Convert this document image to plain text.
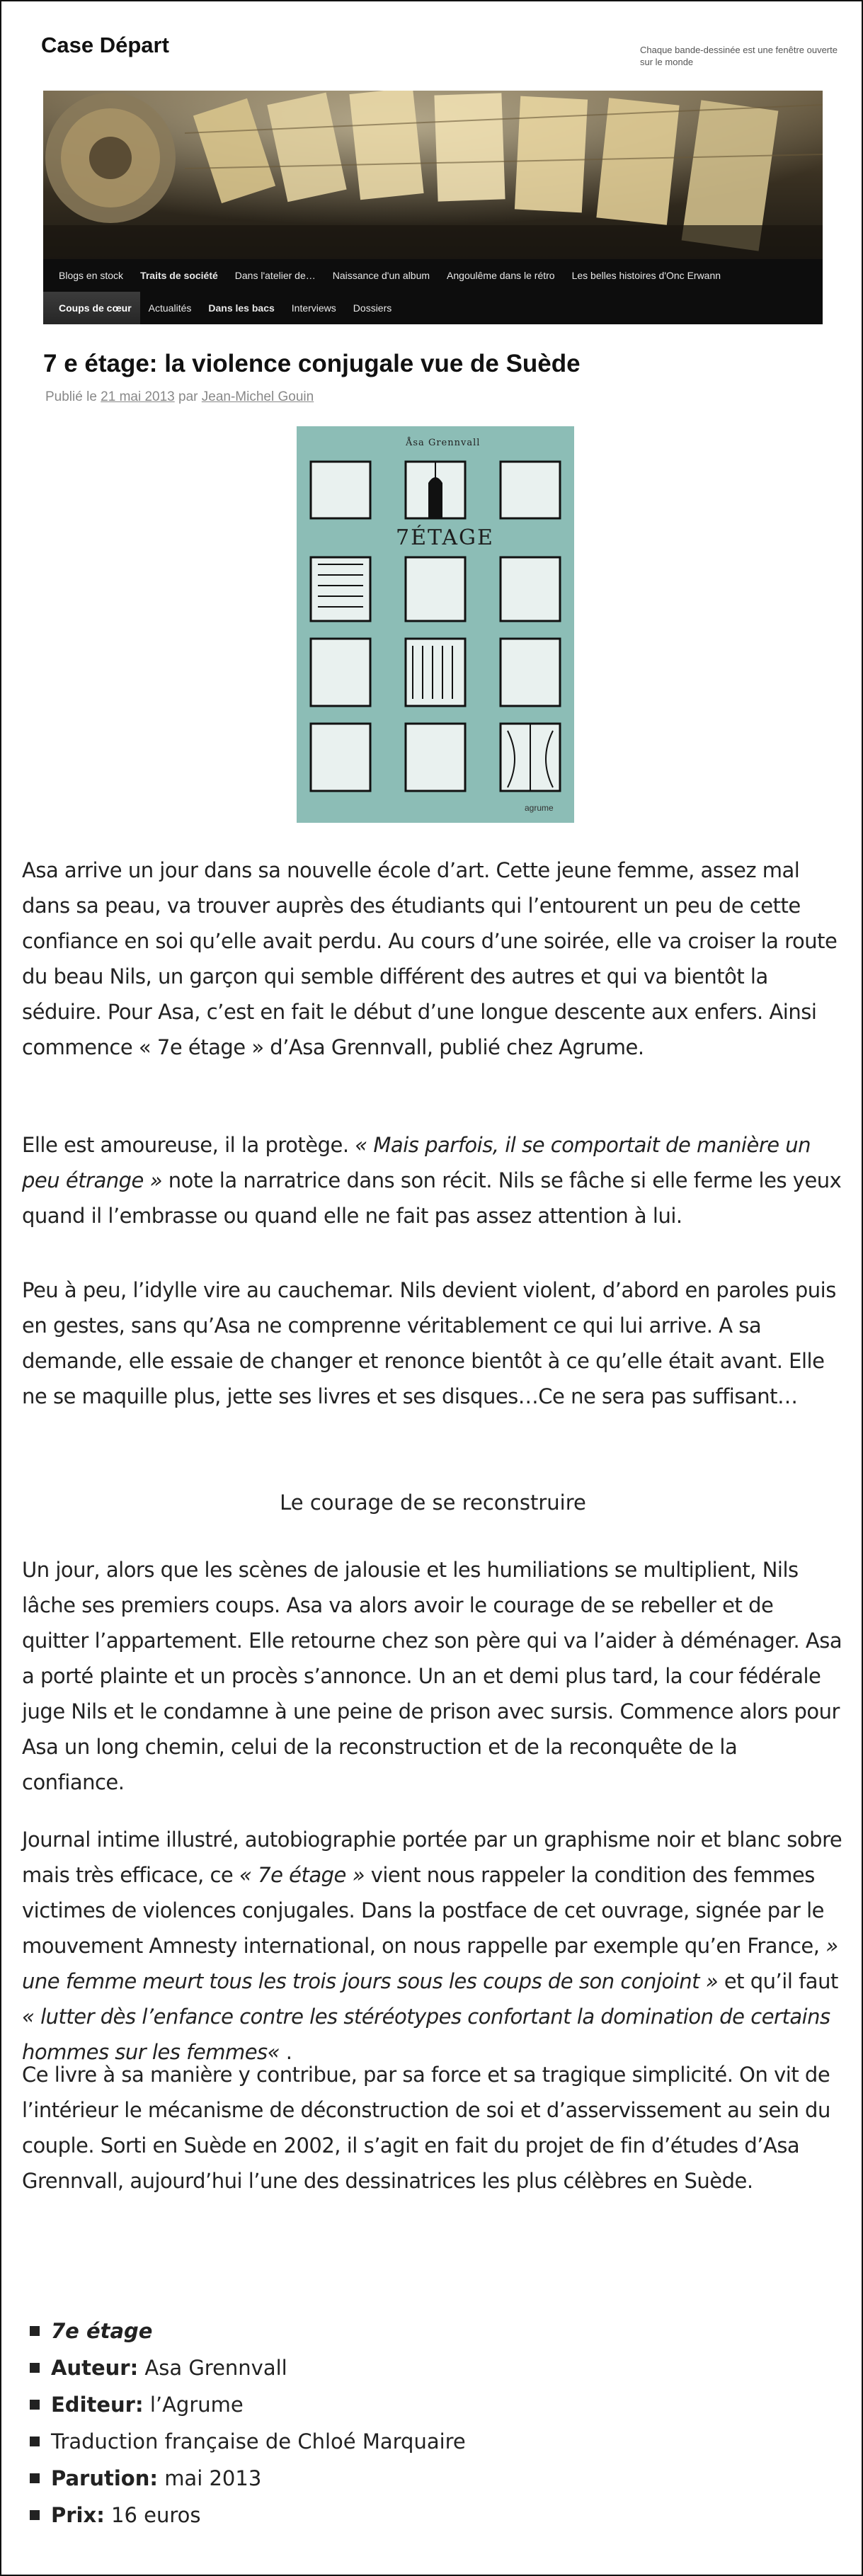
Case Départ	Chaque bande-dessinée est une fenêtre ouverte sur le monde
Blogs en stock	Traits de société	Dans l'atelier de…	Naissance d'un album	Angoulême dans le rétro	Les belles histoires d'Onc Erwann
Coups de cœur	Actualités	Dans les bacs	Interviews	Dossiers
7 e étage: la violence conjugale vue de Suède
Publié le 21 mai 2013 par Jean-Michel Gouin
Åsa Grennvall
7ÉTAGE
agrume

Asa arrive un jour dans sa nouvelle école d’art. Cette jeune femme, assez mal dans sa peau, va trouver auprès des étudiants qui l’entourent un peu de cette confiance en soi qu’elle avait perdu. Au cours d’une soirée, elle va croiser la route du beau Nils, un garçon qui semble différent des autres et qui va bientôt la séduire. Pour Asa, c’est en fait le début d’une longue descente aux enfers. Ainsi commence « 7e étage » d’Asa Grennvall, publié chez Agrume.

Elle est amoureuse, il la protège. « Mais parfois, il se comportait de manière un peu étrange » note la narratrice dans son récit. Nils se fâche si elle ferme les yeux quand il l’embrasse ou quand elle ne fait pas assez attention à lui.

Peu à peu, l’idylle vire au cauchemar. Nils devient violent, d’abord en paroles puis en gestes, sans qu’Asa ne comprenne véritablement ce qui lui arrive. A sa demande, elle essaie de changer et renonce bientôt à ce qu’elle était avant. Elle ne se maquille plus, jette ses livres et ses disques…Ce ne sera pas suffisant…

Le courage de se reconstruire

Un jour, alors que les scènes de jalousie et les humiliations se multiplient, Nils lâche ses premiers coups. Asa va alors avoir le courage de se rebeller et de quitter l’appartement. Elle retourne chez son père qui va l’aider à déménager. Asa a porté plainte et un procès s’annonce. Un an et demi plus tard, la cour fédérale juge Nils et le condamne à une peine de prison avec sursis. Commence alors pour Asa un long chemin, celui de la reconstruction et de la reconquête de la confiance.

Journal intime illustré, autobiographie portée par un graphisme noir et blanc sobre mais très efficace, ce « 7e étage » vient nous rappeler la condition des femmes victimes de violences conjugales. Dans la postface de cet ouvrage, signée par le mouvement Amnesty international, on nous rappelle par exemple qu’en France, » une femme meurt tous les trois jours sous les coups de son conjoint » et qu’il faut « lutter dès l’enfance contre les stéréotypes confortant la domination de certains hommes sur les femmes« .

Ce livre à sa manière y contribue, par sa force et sa tragique simplicité. On vit de l’intérieur le mécanisme de déconstruction de soi et d’asservissement au sein du couple. Sorti en Suède en 2002, il s’agit en fait du projet de fin d’études d’Asa Grennvall, aujourd’hui l’une des dessinatrices les plus célèbres en Suède.

7e étage
Auteur:
Asa Grennvall
Editeur:
l’Agrume
Traduction française de Chloé Marquaire
Parution:
mai 2013
Prix:
16 euros
